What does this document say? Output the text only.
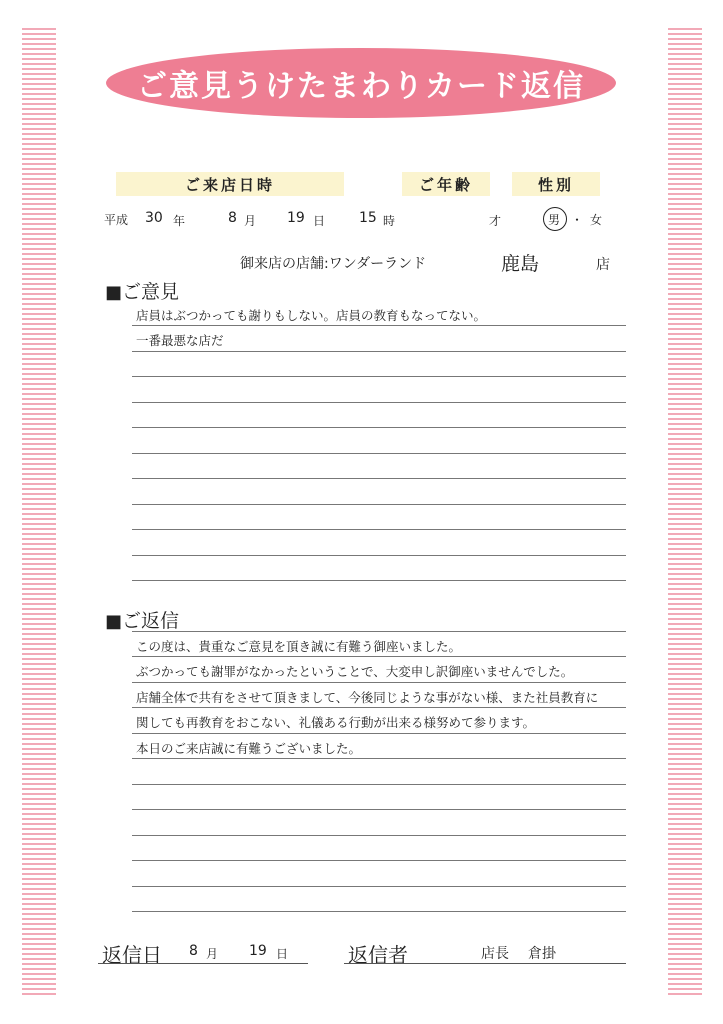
ご意見うけたまわりカード返信
ご来店日時	ご年齢	性別
平成 30 年	8 月 19 日 15 時	才	男 ・ 女
御来店の店舗:ワンダーランド	鹿島	店
■ご意見
店員はぶつかっても謝りもしない。店員の教育もなってない。
一番最悪な店だ
■ご返信
この度は、貴重なご意見を頂き誠に有難う御座いました。
ぶつかっても謝罪がなかったということで、大変申し訳御座いませんでした。
店舗全体で共有をさせて頂きまして、今後同じような事がない様、また社員教育に
関しても再教育をおこない、礼儀ある行動が出来る様努めて参ります。
本日のご来店誠に有難うございました。
返信日 8 月 19 日	返信者	店長 倉掛
